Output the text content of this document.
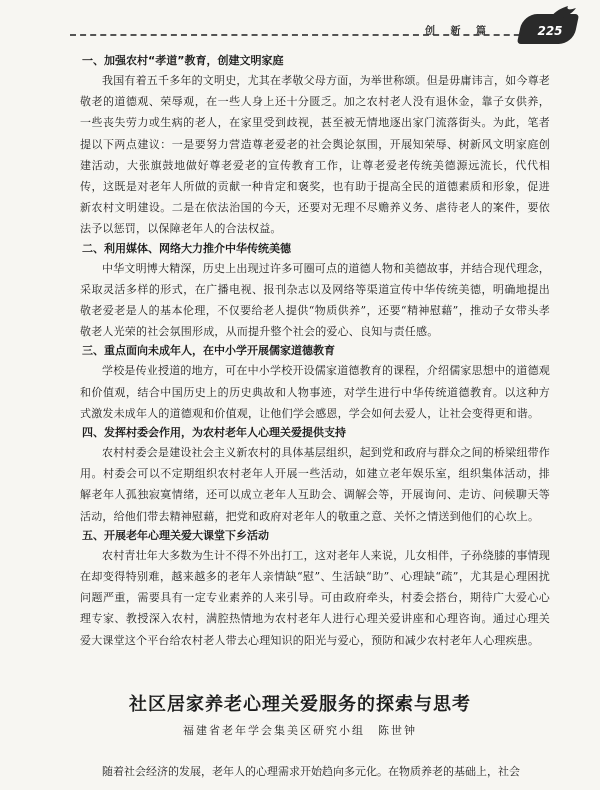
创 新 篇	225
一、加强农村“孝道”教育，创建文明家庭

我国有着五千多年的文明史，尤其在孝敬父母方面，为举世称颂。但是毋庸讳言，如今尊老敬老的道德观、荣辱观，在一些人身上还十分匮乏。加之农村老人没有退休金，靠子女供养，一些丧失劳力或生病的老人，在家里受到歧视，甚至被无情地逐出家门流落街头。为此，笔者提以下两点建议：一是要努力营造尊老爱老的社会舆论氛围，开展知荣辱、树新风文明家庭创建活动，大张旗鼓地做好尊老爱老的宣传教育工作，让尊老爱老传统美德源远流长，代代相传，这既是对老年人所做的贡献一种肯定和褒奖，也有助于提高全民的道德素质和形象，促进新农村文明建设。二是在依法治国的今天，还要对无理不尽赡养义务、虐待老人的案件，要依法予以惩罚，以保障老年人的合法权益。

二、利用媒体、网络大力推介中华传统美德

中华文明博大精深，历史上出现过许多可圈可点的道德人物和美德故事，并结合现代理念，采取灵活多样的形式，在广播电视、报刊杂志以及网络等渠道宣传中华传统美德，明确地提出敬老爱老是人的基本伦理，不仅要给老人提供“物质供养”，还要“精神慰藉”，推动子女带头孝敬老人光荣的社会氛围形成，从而提升整个社会的爱心、良知与责任感。

三、重点面向未成年人，在中小学开展儒家道德教育

学校是传业授道的地方，可在中小学校开设儒家道德教育的课程，介绍儒家思想中的道德观和价值观，结合中国历史上的历史典故和人物事迹，对学生进行中华传统道德教育。以这种方式激发未成年人的道德观和价值观，让他们学会感恩，学会如何去爱人，让社会变得更和谐。

四、发挥村委会作用，为农村老年人心理关爱提供支持

农村村委会是建设社会主义新农村的具体基层组织，起到党和政府与群众之间的桥梁纽带作用。村委会可以不定期组织农村老年人开展一些活动，如建立老年娱乐室，组织集体活动，排解老年人孤独寂寞情绪，还可以成立老年人互助会、调解会等，开展询问、走访、问候聊天等活动，给他们带去精神慰藉，把党和政府对老年人的敬重之意、关怀之情送到他们的心坎上。

五、开展老年心理关爱大课堂下乡活动

农村青壮年大多数为生计不得不外出打工，这对老年人来说，儿女相伴，子孙绕膝的事情现在却变得特别难，越来越多的老年人亲情缺“慰”、生活缺“助”、心理缺“疏”，尤其是心理困扰问题严重，需要具有一定专业素养的人来引导。可由政府牵头，村委会搭台，期待广大爱心心理专家、教授深入农村，满腔热情地为农村老年人进行心理关爱讲座和心理咨询。通过心理关爱大课堂这个平台给农村老人带去心理知识的阳光与爱心，预防和减少农村老年人心理疾患。

社区居家养老心理关爱服务的探索与思考
福建省老年学会集美区研究小组　陈世钟
随着社会经济的发展，老年人的心理需求开始趋向多元化。在物质养老的基础上，社会
